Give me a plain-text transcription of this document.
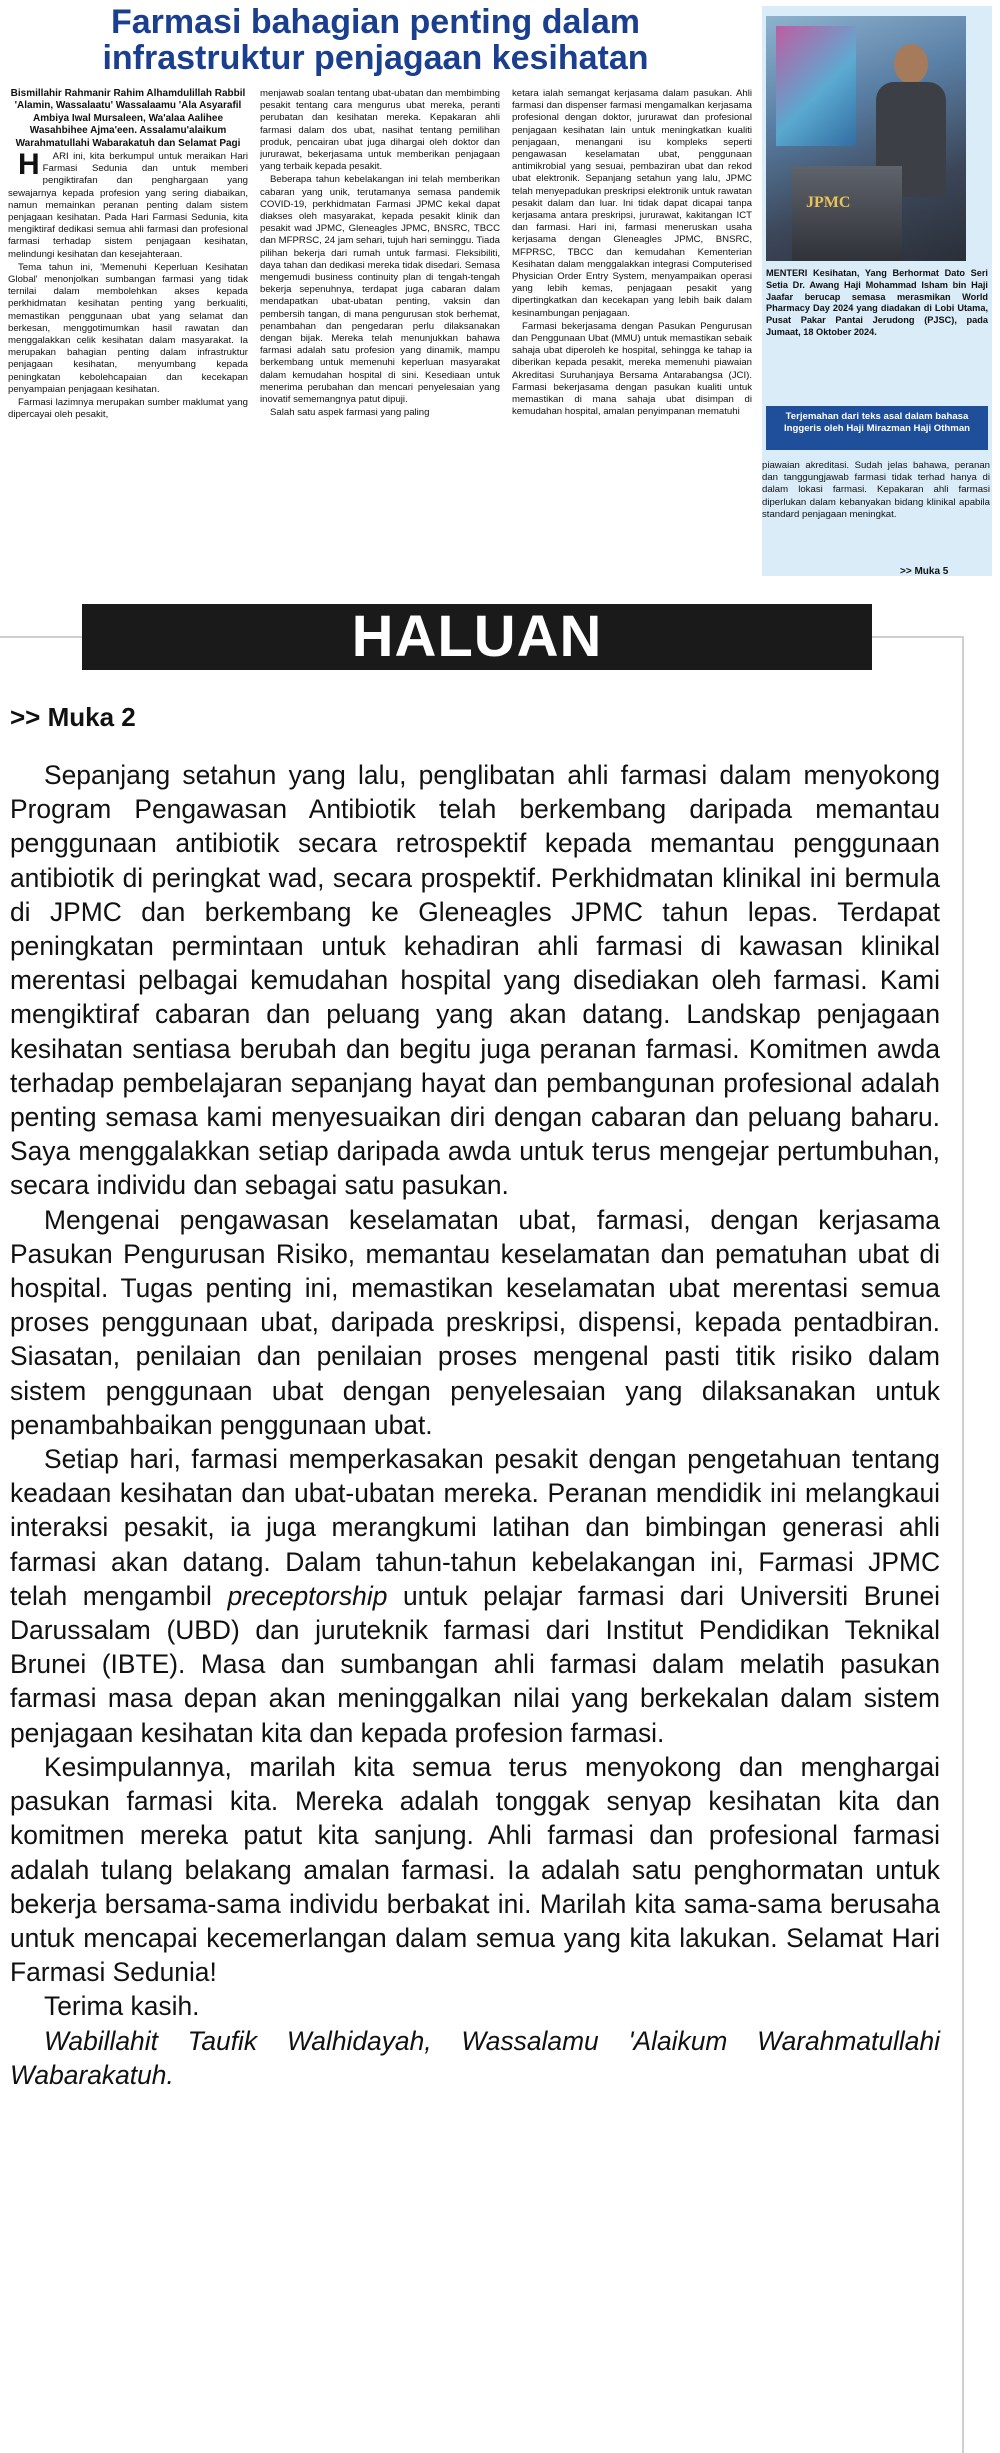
Farmasi bahagian penting dalam infrastruktur penjagaan kesihatan

Bismillahir Rahmanir Rahim Alhamdulillah Rabbil 'Alamin, Wassalaatu' Wassalaamu 'Ala Asyarafil Ambiya Iwal Mursaleen, Wa'alaa Aalihee Wasahbihee Ajma'een. Assalamu'alaikum Warahmatullahi Wabarakatuh dan Selamat Pagi

H ARI ini, kita berkumpul untuk meraikan Hari Farmasi Sedunia dan untuk memberi pengiktirafan dan penghargaan yang sewajarnya kepada profesion yang sering diabaikan, namun memainkan peranan penting dalam sistem penjagaan kesihatan. Pada Hari Farmasi Sedunia, kita mengiktiraf dedikasi semua ahli farmasi dan profesional farmasi terhadap sistem penjagaan kesihatan, melindungi kesihatan dan kesejahteraan.

Tema tahun ini, 'Memenuhi Keperluan Kesihatan Global' menonjolkan sumbangan farmasi yang tidak ternilai dalam membolehkan akses kepada perkhidmatan kesihatan penting yang berkualiti, memastikan penggunaan ubat yang selamat dan berkesan, menggotimumkan hasil rawatan dan menggalakkan celik kesihatan dalam masyarakat. Ia merupakan bahagian penting dalam infrastruktur penjagaan kesihatan, menyumbang kepada peningkatan kebolehcapaian dan kecekapan penyampaian penjagaan kesihatan.

Farmasi lazimnya merupakan sumber maklumat yang dipercayai oleh pesakit,

menjawab soalan tentang ubat-ubatan dan membimbing pesakit tentang cara mengurus ubat mereka, peranti perubatan dan kesihatan mereka. Kepakaran ahli farmasi dalam dos ubat, nasihat tentang pemilihan produk, pencairan ubat juga dihargai oleh doktor dan jururawat, bekerjasama untuk memberikan penjagaan yang terbaik kepada pesakit.

Beberapa tahun kebelakangan ini telah memberikan cabaran yang unik, terutamanya semasa pandemik COVID-19, perkhidmatan Farmasi JPMC kekal dapat diakses oleh masyarakat, kepada pesakit klinik dan pesakit wad JPMC, Gleneagles JPMC, BNSRC, TBCC dan MFPRSC, 24 jam sehari, tujuh hari seminggu. Tiada pilihan bekerja dari rumah untuk farmasi. Fleksibiliti, daya tahan dan dedikasi mereka tidak disedari. Semasa mengemudi business continuity plan di tengah-tengah bekerja sepenuhnya, terdapat juga cabaran dalam mendapatkan ubat-ubatan penting, vaksin dan pembersih tangan, di mana pengurusan stok berhemat, penambahan dan pengedaran perlu dilaksanakan dengan bijak. Mereka telah menunjukkan bahawa farmasi adalah satu profesion yang dinamik, mampu berkembang untuk memenuhi keperluan masyarakat dalam kemudahan hospital di sini. Kesediaan untuk menerima perubahan dan mencari penyelesaian yang inovatif sememangnya patut dipuji.

Salah satu aspek farmasi yang paling

ketara ialah semangat kerjasama dalam pasukan. Ahli farmasi dan dispenser farmasi mengamalkan kerjasama profesional dengan doktor, jururawat dan profesional penjagaan kesihatan lain untuk meningkatkan kualiti penjagaan, menangani isu kompleks seperti pengawasan keselamatan ubat, penggunaan antimikrobial yang sesuai, pembaziran ubat dan rekod ubat elektronik. Sepanjang setahun yang lalu, JPMC telah menyepadukan preskripsi elektronik untuk rawatan pesakit dalam dan luar. Ini tidak dapat dicapai tanpa kerjasama antara preskripsi, jururawat, kakitangan ICT dan farmasi. Hari ini, farmasi meneruskan usaha kerjasama dengan Gleneagles JPMC, BNSRC, MFPRSC, TBCC dan kemudahan Kementerian Kesihatan dalam menggalakkan integrasi Computerised Physician Order Entry System, menyampaikan operasi yang lebih kemas, penjagaan pesakit yang dipertingkatkan dan kecekapan yang lebih baik dalam kesinambungan penjagaan.

Farmasi bekerjasama dengan Pasukan Pengurusan dan Penggunaan Ubat (MMU) untuk memastikan sebaik sahaja ubat diperoleh ke hospital, sehingga ke tahap ia diberikan kepada pesakit, mereka memenuhi piawaian Akreditasi Suruhanjaya Bersama Antarabangsa (JCI). Farmasi bekerjasama dengan pasukan kualiti untuk memastikan di mana sahaja ubat disimpan di kemudahan hospital, amalan penyimpanan mematuhi

JPMC

MENTERI Kesihatan, Yang Berhormat Dato Seri Setia Dr. Awang Haji Mohammad Isham bin Haji Jaafar berucap semasa merasmikan World Pharmacy Day 2024 yang diadakan di Lobi Utama, Pusat Pakar Pantai Jerudong (PJSC), pada Jumaat, 18 Oktober 2024.

Terjemahan dari teks asal dalam bahasa Inggeris oleh Haji Mirazman Haji Othman

piawaian akreditasi. Sudah jelas bahawa, peranan dan tanggungjawab farmasi tidak terhad hanya di dalam lokasi farmasi. Kepakaran ahli farmasi diperlukan dalam kebanyakan bidang klinikal apabila standard penjagaan meningkat.

>> Muka 5
HALUAN
>> Muka 2

Sepanjang setahun yang lalu, penglibatan ahli farmasi dalam menyokong Program Pengawasan Antibiotik telah berkembang daripada memantau penggunaan antibiotik secara retrospektif kepada memantau penggunaan antibiotik di peringkat wad, secara prospektif. Perkhidmatan klinikal ini bermula di JPMC dan berkembang ke Gleneagles JPMC tahun lepas. Terdapat peningkatan permintaan untuk kehadiran ahli farmasi di kawasan klinikal merentasi pelbagai kemudahan hospital yang disediakan oleh farmasi. Kami mengiktiraf cabaran dan peluang yang akan datang. Landskap penjagaan kesihatan sentiasa berubah dan begitu juga peranan farmasi. Komitmen awda terhadap pembelajaran sepanjang hayat dan pembangunan profesional adalah penting semasa kami menyesuaikan diri dengan cabaran dan peluang baharu. Saya menggalakkan setiap daripada awda untuk terus mengejar pertumbuhan, secara individu dan sebagai satu pasukan.

Mengenai pengawasan keselamatan ubat, farmasi, dengan kerjasama Pasukan Pengurusan Risiko, memantau keselamatan dan pematuhan ubat di hospital. Tugas penting ini, memastikan keselamatan ubat merentasi semua proses penggunaan ubat, daripada preskripsi, dispensi, kepada pentadbiran. Siasatan, penilaian dan penilaian proses mengenal pasti titik risiko dalam sistem penggunaan ubat dengan penyelesaian yang dilaksanakan untuk penambahbaikan penggunaan ubat.

Setiap hari, farmasi memperkasakan pesakit dengan pengetahuan tentang keadaan kesihatan dan ubat-ubatan mereka. Peranan mendidik ini melangkaui interaksi pesakit, ia juga merangkumi latihan dan bimbingan generasi ahli farmasi akan datang. Dalam tahun-tahun kebelakangan ini, Farmasi JPMC telah mengambil preceptorship untuk pelajar farmasi dari Universiti Brunei Darussalam (UBD) dan juruteknik farmasi dari Institut Pendidikan Teknikal Brunei (IBTE). Masa dan sumbangan ahli farmasi dalam melatih pasukan farmasi masa depan akan meninggalkan nilai yang berkekalan dalam sistem penjagaan kesihatan kita dan kepada profesion farmasi.

Kesimpulannya, marilah kita semua terus menyokong dan menghargai pasukan farmasi kita. Mereka adalah tonggak senyap kesihatan kita dan komitmen mereka patut kita sanjung. Ahli farmasi dan profesional farmasi adalah tulang belakang amalan farmasi. Ia adalah satu penghormatan untuk bekerja bersama-sama individu berbakat ini. Marilah kita sama-sama berusaha untuk mencapai kecemerlangan dalam semua yang kita lakukan. Selamat Hari Farmasi Sedunia!

Terima kasih.

Wabillahit Taufik Walhidayah, Wassalamu 'Alaikum Warahmatullahi Wabarakatuh.
